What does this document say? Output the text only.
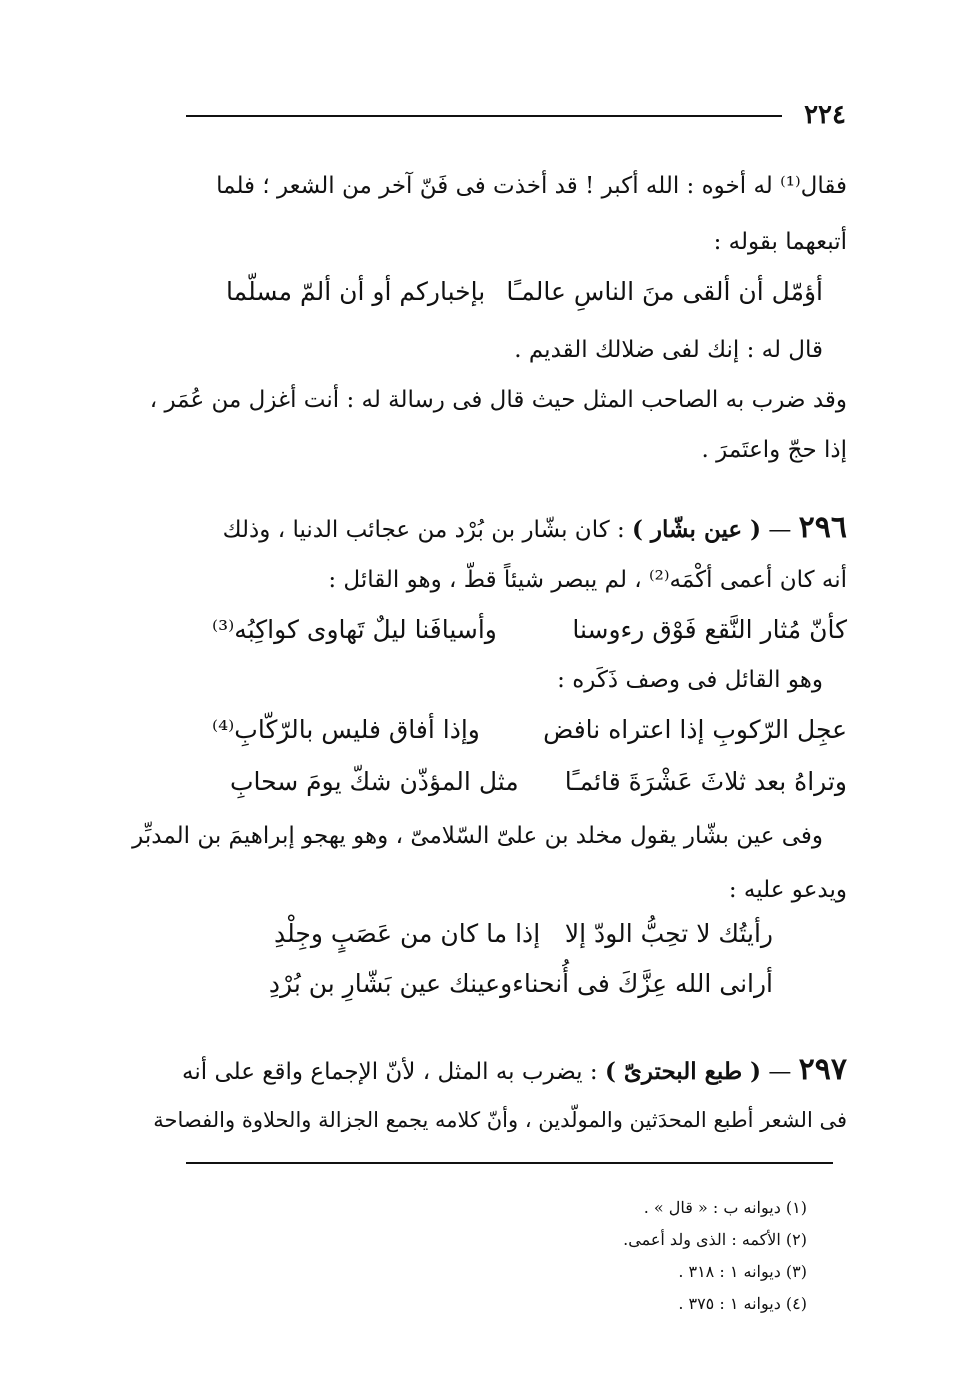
٢٢٤
فقال⁽¹⁾ له أخوه : الله أكبر ! قد أخذت فى فَنّ آخر من الشعر ؛ فلما
أتبعهما بقوله :
أؤمّل أن ألقى منَ الناسِ عالمـًا
بإخباركم أو أن ألمّ مسلّما
قال له : إنك لفى ضلالك القديم .
وقد ضرب به الصاحب المثل حيث قال فى رسالة له : أنت أغزل من عُمَر ،
إذا حجّ واعتَمرَ .
٢٩٦ — ( عين بشّار ) : كان بشّار بن بُرْد من عجائب الدنيا ، وذلك
أنه كان أعمى أكْمَه⁽²⁾ ، لم يبصر شيئاً قطّ ، وهو القائل :
كأنّ مُثار النَّقع فَوْق رءوسنا
وأسيافَنا ليلٌ تَهاوى كواكِبُه⁽³⁾
وهو القائل فى وصف ذَكَره :
عجِل الرّكوبِ إذا اعتراه نافض
وإذا أفاق فليس بالرّكّابِ⁽⁴⁾
وتراهُ بعد ثلاثَ عَشْرَةَ قائمـًا
مثل المؤذّن شكّ يومَ سحابِ
وفى عين بشّار يقول مخلد بن علىّ السّلامىّ ، وهو يهجو إبراهيمَ بن المدبِّر
ويدعو عليه :
رأيتُك لا تحِبُّ الودّ إلا
إذا ما كان من عَصَبٍ وجِلْدِ
أرانى الله عِزَّكَ فى أُنحناء
وعينك عين بَشّارِ بن بُرْدِ
٢٩٧ — ( طبع البحترىّ ) : يضرب به المثل ، لأنّ الإجماع واقع على أنه
فى الشعر أطبع المحدَثين والمولّدين ، وأنّ كلامه يجمع الجزالة والحلاوة والفصاحة
(١) ديوانه ب : « قال » .
(٢) الأكمه : الذى ولد أعمى.
(٣) ديوانه ١ : ٣١٨ .
(٤) ديوانه ١ : ٣٧٥ .
